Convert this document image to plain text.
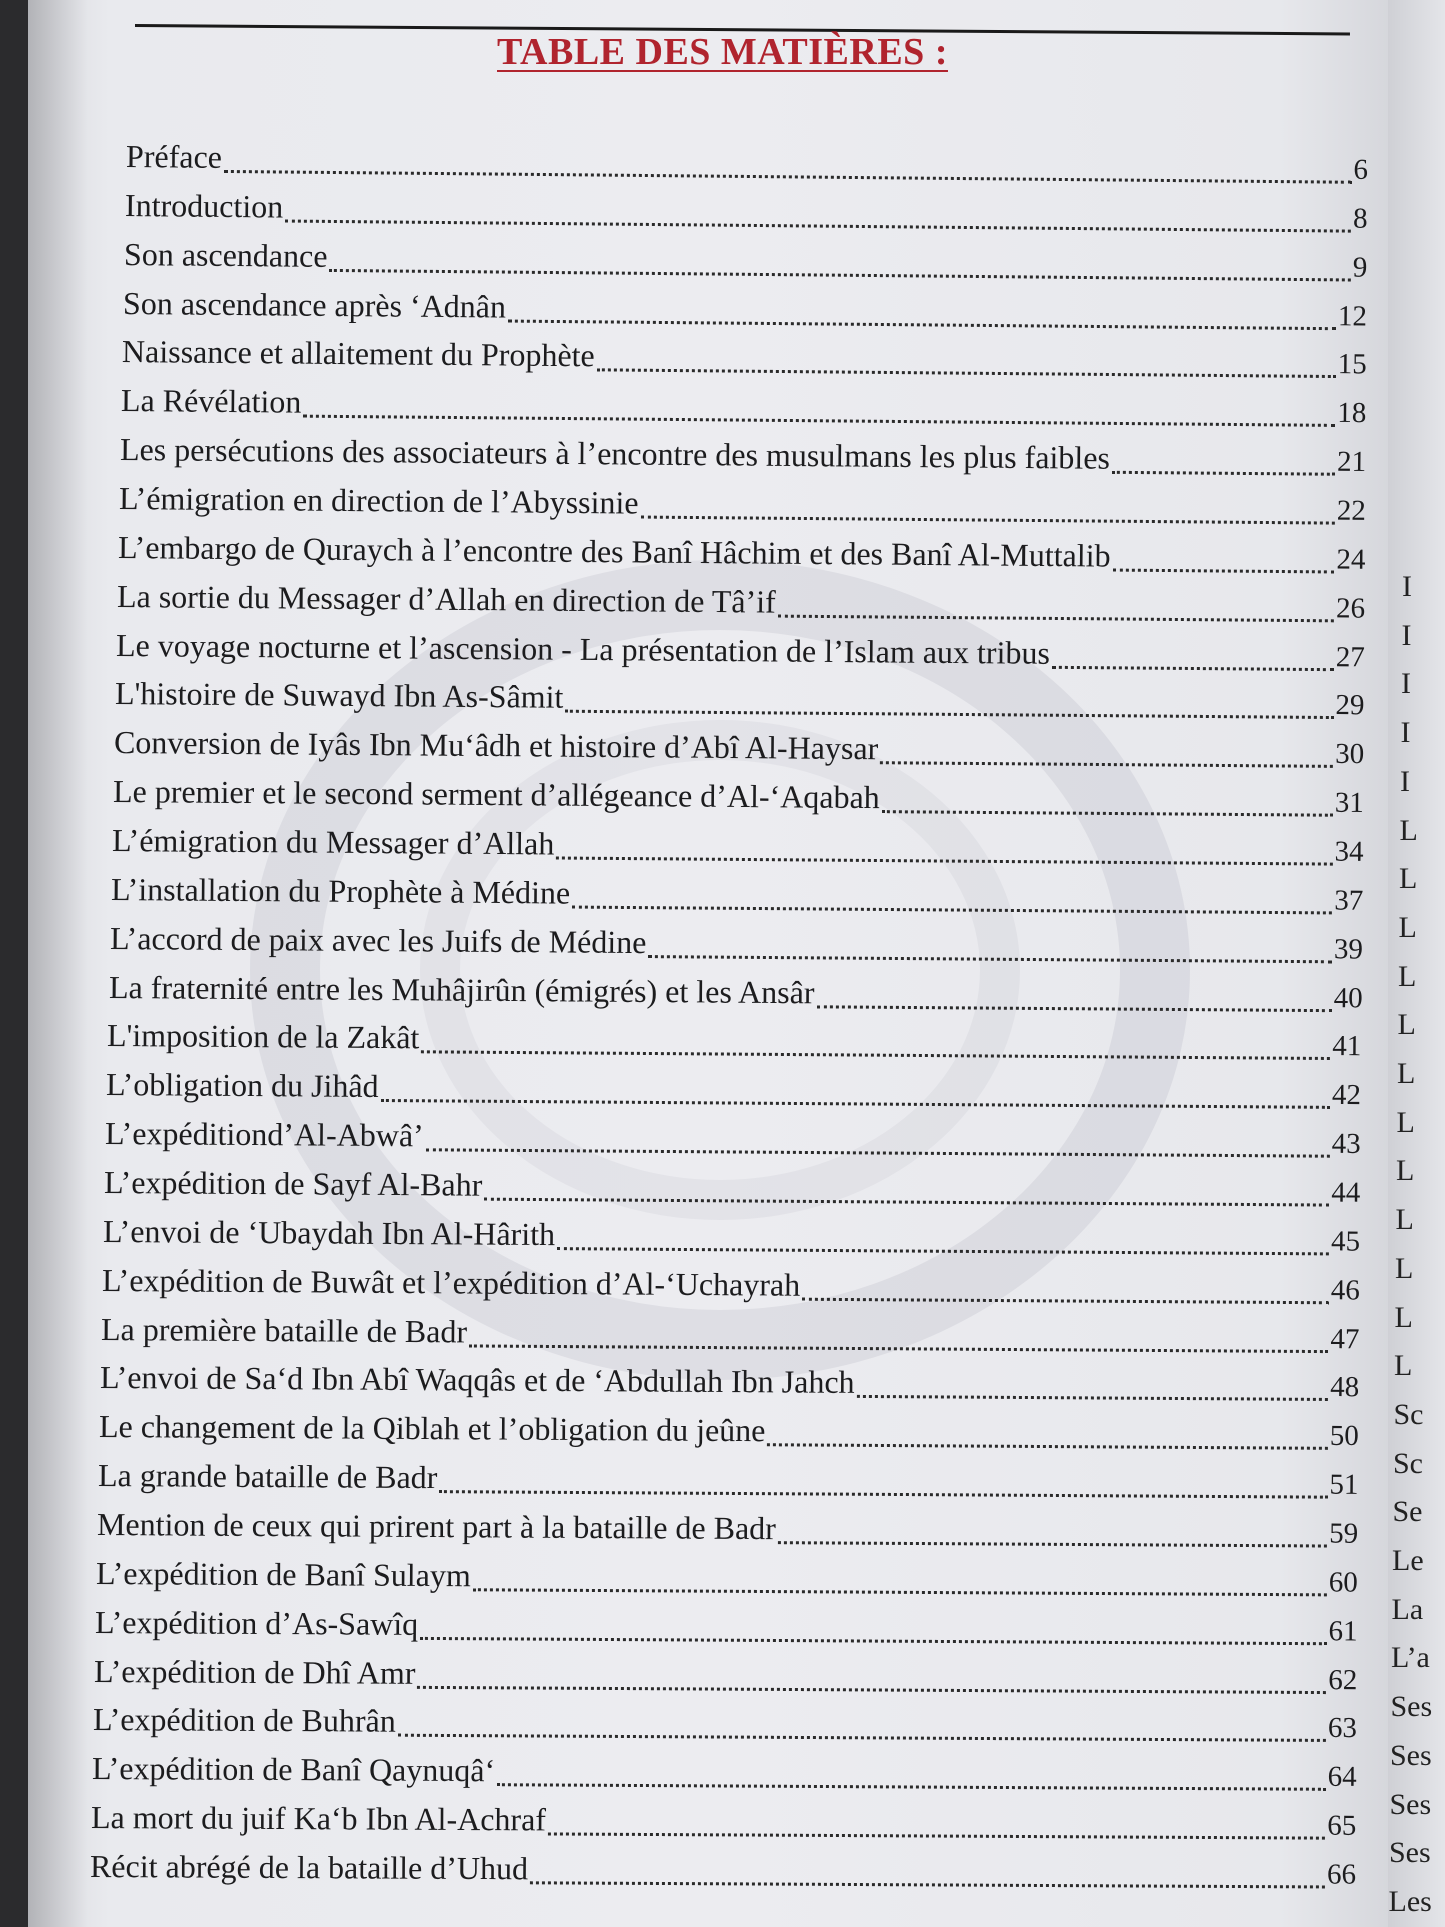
I
I
I
I
I
L
L
L
L
L
L
L
L
L
L
L
L
Sc
Sc
Se
Le
La
L’a
Ses
Ses
Ses
Ses
Les
TABLE DES MATIÈRES :
Préface	6
Introduction	8
Son ascendance	9
Son ascendance après ‘Adnân	12
Naissance et allaitement du Prophète	15
La Révélation	18
Les persécutions des associateurs à l’encontre des musulmans les plus faibles	21
L’émigration en direction de l’Abyssinie	22
L’embargo de Quraych à l’encontre des Banî Hâchim et des Banî Al-Muttalib	24
La sortie du Messager d’Allah en direction de Tâ’if	26
Le voyage nocturne et l’ascension - La présentation de l’Islam aux tribus	27
L'histoire de Suwayd Ibn As-Sâmit	29
Conversion de Iyâs Ibn Mu‘âdh et histoire d’Abî Al-Haysar	30
Le premier et le second serment d’allégeance d’Al-‘Aqabah	31
L’émigration du Messager d’Allah	34
L’installation du Prophète à Médine	37
L’accord de paix avec les Juifs de Médine	39
La fraternité entre les Muhâjirûn (émigrés) et les Ansâr	40
L'imposition de la Zakât	41
L’obligation du Jihâd	42
L’expéditiond’Al-Abwâ’	43
L’expédition de Sayf Al-Bahr	44
L’envoi de ‘Ubaydah Ibn Al-Hârith	45
L’expédition de Buwât et l’expédition d’Al-‘Uchayrah	46
La première bataille de Badr	47
L’envoi de Sa‘d Ibn Abî Waqqâs et de ‘Abdullah Ibn Jahch	48
Le changement de la Qiblah et l’obligation du jeûne	50
La grande bataille de Badr	51
Mention de ceux qui prirent part à la bataille de Badr	59
L’expédition de Banî Sulaym	60
L’expédition d’As-Sawîq	61
L’expédition de Dhî Amr	62
L’expédition de Buhrân	63
L’expédition de Banî Qaynuqâ‘	64
La mort du juif Ka‘b Ibn Al-Achraf	65
Récit abrégé de la bataille d’Uhud	66
